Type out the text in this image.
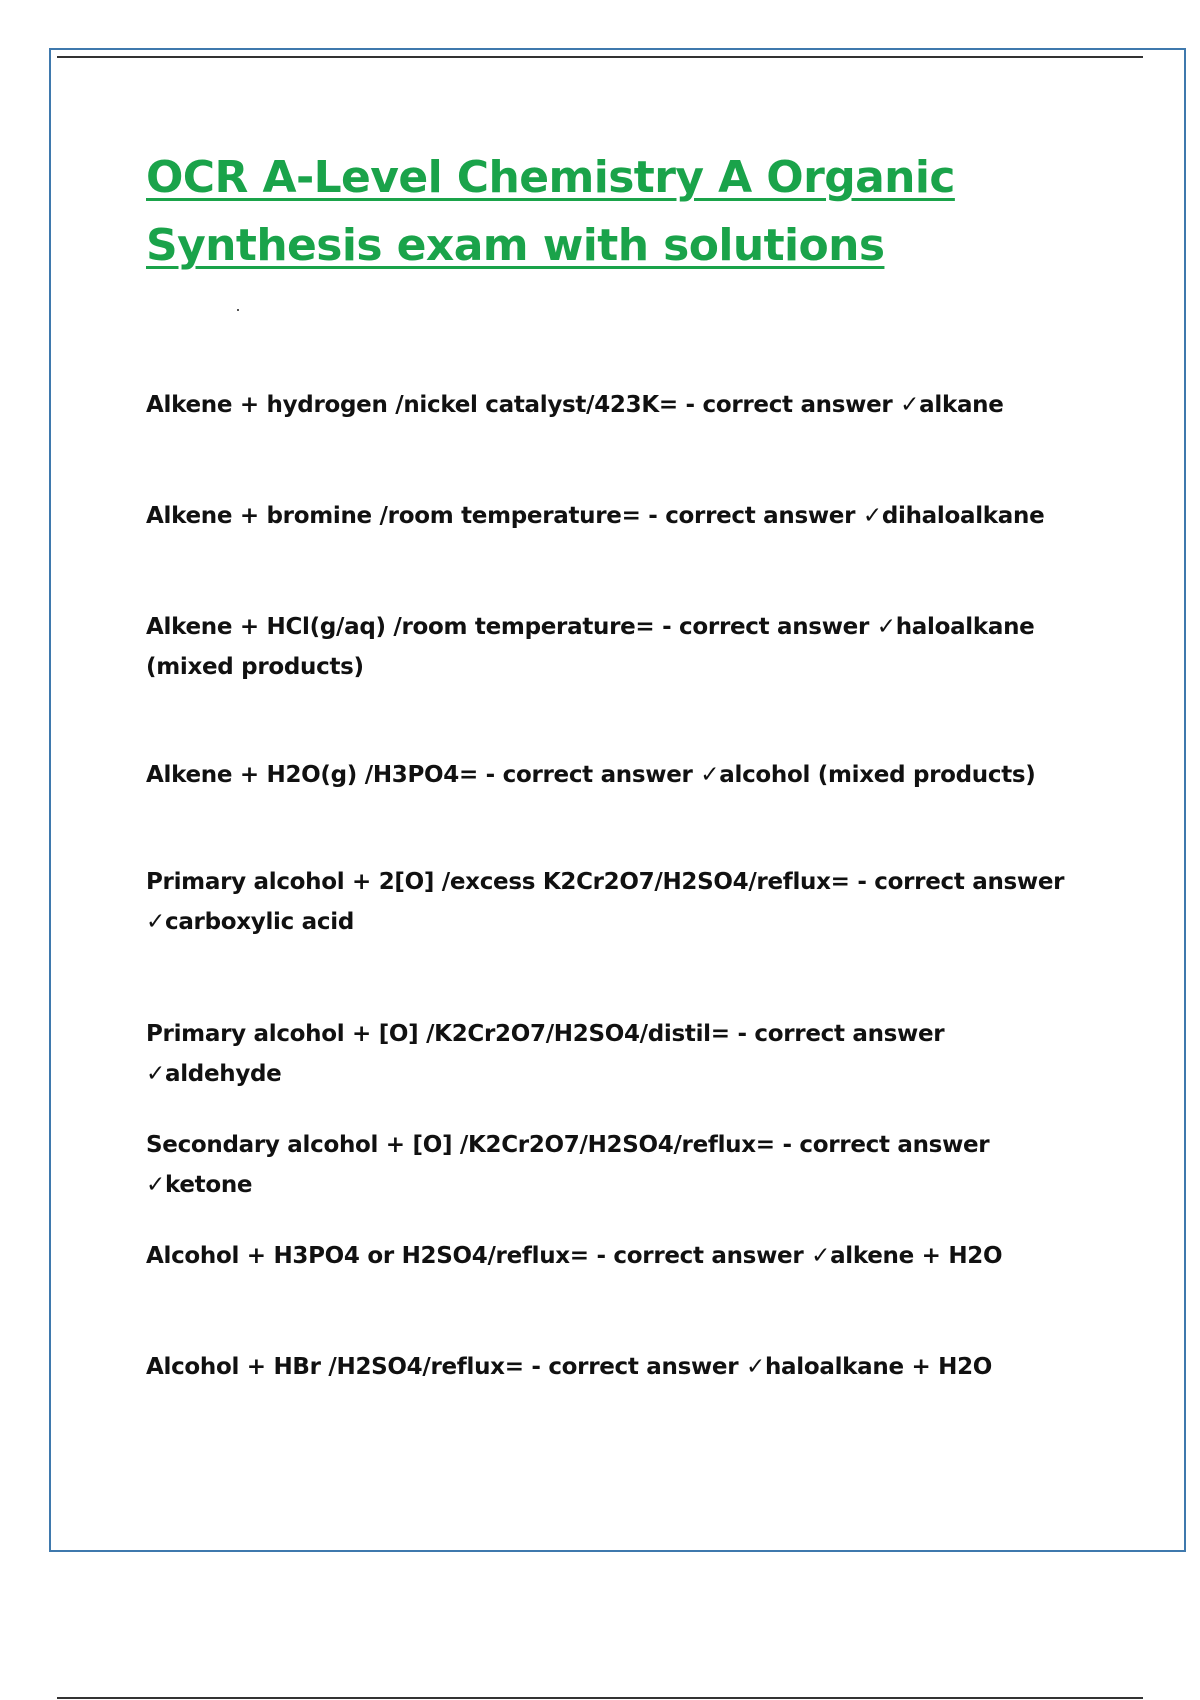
OCR A-Level Chemistry A Organic Synthesis exam with solutions
Alkene + hydrogen /nickel catalyst/423K= - correct answer ✓alkane
Alkene + bromine /room temperature= - correct answer ✓dihaloalkane
Alkene + HCl(g/aq) /room temperature= - correct answer ✓haloalkane (mixed products)
Alkene + H2O(g) /H3PO4= - correct answer ✓alcohol (mixed products)
Primary alcohol + 2[O] /excess K2Cr2O7/H2SO4/reflux= - correct answer ✓carboxylic acid
Primary alcohol + [O] /K2Cr2O7/H2SO4/distil= - correct answer ✓aldehyde
Secondary alcohol + [O] /K2Cr2O7/H2SO4/reflux= - correct answer ✓ketone
Alcohol + H3PO4 or H2SO4/reflux= - correct answer ✓alkene + H2O
Alcohol + HBr /H2SO4/reflux= - correct answer ✓haloalkane + H2O
